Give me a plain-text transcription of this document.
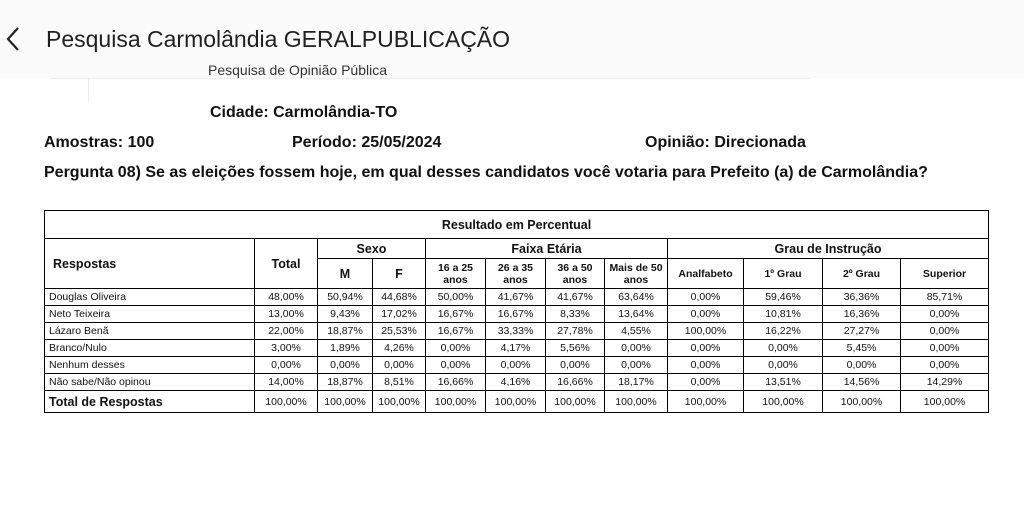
Pesquisa Carmolândia GERALPUBLICAÇÃO
Pesquisa de Opinião Pública
Cidade: Carmolândia-TO
Amostras: 100	Período: 25/05/2024	Opinião: Direcionada
Pergunta 08) Se as eleições fossem hoje, em qual desses candidatos você votaria para Prefeito (a) de Carmolândia?
Resultado em Percentual											
Respostas	Total	Sexo		Faixa Etária				Grau de Instrução			
		M	F	16 a 25 anos	26 a 35 anos	36 a 50 anos	Mais de 50 anos	Analfabeto	1º Grau	2º Grau	Superior
Douglas Oliveira	48,00%	50,94%	44,68%	50,00%	41,67%	41,67%	63,64%	0,00%	59,46%	36,36%	85,71%
Neto Teixeira	13,00%	9,43%	17,02%	16,67%	16,67%	8,33%	13,64%	0,00%	10,81%	16,36%	0,00%
Lázaro Benã	22,00%	18,87%	25,53%	16,67%	33,33%	27,78%	4,55%	100,00%	16,22%	27,27%	0,00%
Branco/Nulo	3,00%	1,89%	4,26%	0,00%	4,17%	5,56%	0,00%	0,00%	0,00%	5,45%	0,00%
Nenhum desses	0,00%	0,00%	0,00%	0,00%	0,00%	0,00%	0,00%	0,00%	0,00%	0,00%	0,00%
Não sabe/Não opinou	14,00%	18,87%	8,51%	16,66%	4,16%	16,66%	18,17%	0,00%	13,51%	14,56%	14,29%
Total de Respostas	100,00%	100,00%	100,00%	100,00%	100,00%	100,00%	100,00%	100,00%	100,00%	100,00%	100,00%
